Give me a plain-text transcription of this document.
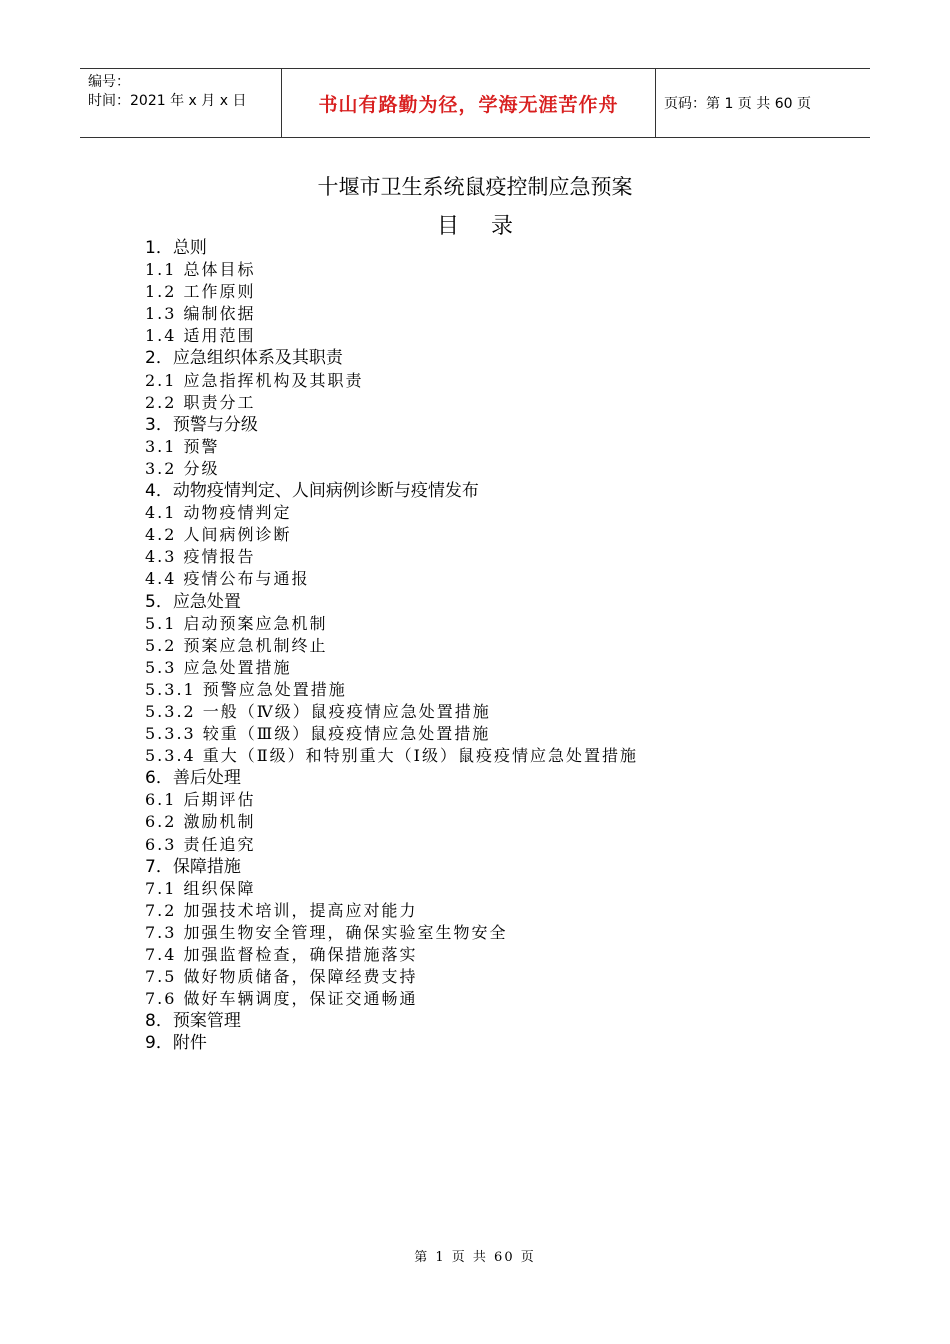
编号：
时间：2021 年 x 月 x 日	书山有路勤为径，学海无涯苦作舟	页码：第 1 页 共 60 页
十堰市卫生系统鼠疫控制应急预案
目录
1．总则
1.1 总体目标
1.2 工作原则
1.3 编制依据
1.4 适用范围
2．应急组织体系及其职责
2.1 应急指挥机构及其职责
2.2 职责分工
3．预警与分级
3.1 预警
3.2 分级
4．动物疫情判定、人间病例诊断与疫情发布
4.1 动物疫情判定
4.2 人间病例诊断
4.3 疫情报告
4.4 疫情公布与通报
5．应急处置
5.1 启动预案应急机制
5.2 预案应急机制终止
5.3 应急处置措施
5.3.1 预警应急处置措施
5.3.2 一般（Ⅳ级）鼠疫疫情应急处置措施
5.3.3 较重（Ⅲ级）鼠疫疫情应急处置措施
5.3.4 重大（Ⅱ级）和特别重大（Ⅰ级）鼠疫疫情应急处置措施
6．善后处理
6.1 后期评估
6.2 激励机制
6.3 责任追究
7．保障措施
7.1 组织保障
7.2 加强技术培训，提高应对能力
7.3 加强生物安全管理，确保实验室生物安全
7.4 加强监督检查，确保措施落实
7.5 做好物质储备，保障经费支持
7.6 做好车辆调度，保证交通畅通
8．预案管理
9．附件
第 1 页 共 60 页
